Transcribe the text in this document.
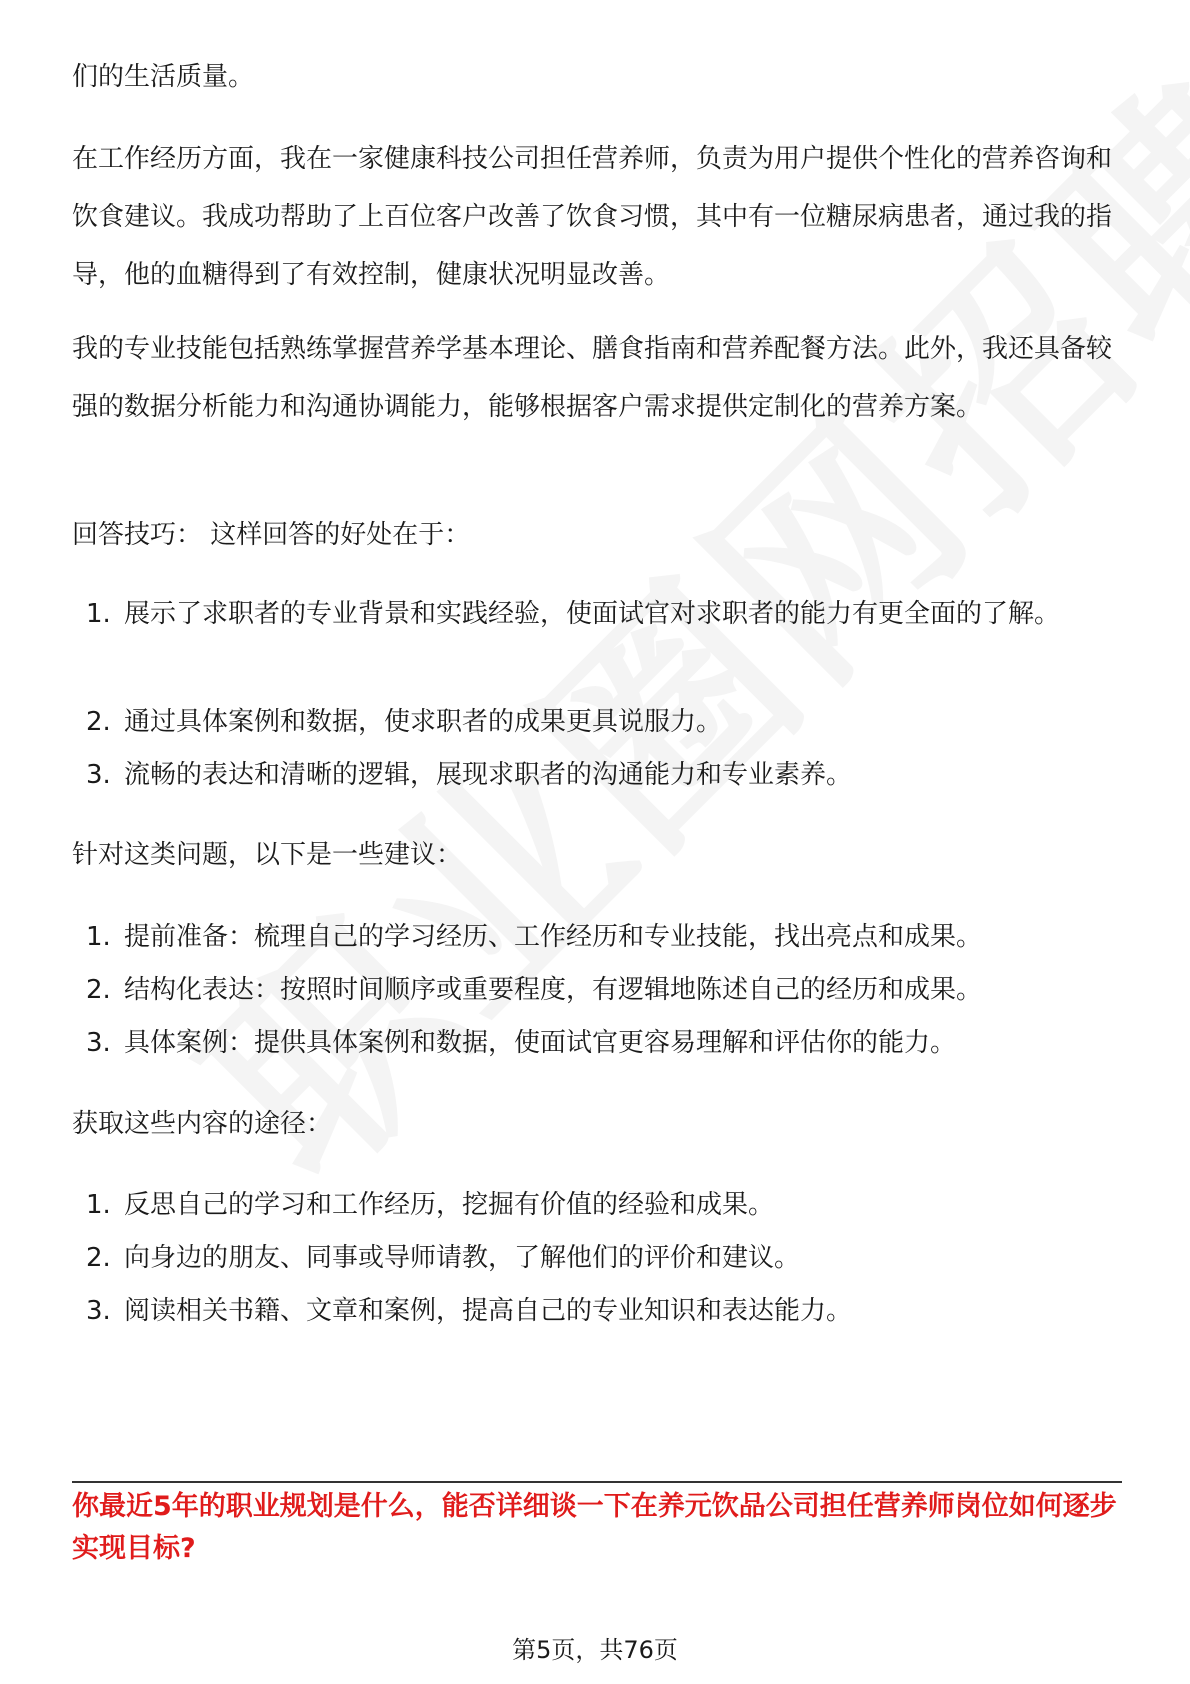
们的生活质量。

在工作经历方面，我在一家健康科技公司担任营养师，负责为用户提供个性化的营养咨询和饮食建议。我成功帮助了上百位客户改善了饮食习惯，其中有一位糖尿病患者，通过我的指导，他的血糖得到了有效控制，健康状况明显改善。

我的专业技能包括熟练掌握营养学基本理论、膳食指南和营养配餐方法。此外，我还具备较强的数据分析能力和沟通协调能力，能够根据客户需求提供定制化的营养方案。

回答技巧： 这样回答的好处在于：

1. 展示了求职者的专业背景和实践经验，使面试官对求职者的能力有更全面的了解。
2. 通过具体案例和数据，使求职者的成果更具说服力。
3. 流畅的表达和清晰的逻辑，展现求职者的沟通能力和专业素养。

针对这类问题，以下是一些建议：

1. 提前准备：梳理自己的学习经历、工作经历和专业技能，找出亮点和成果。
2. 结构化表达：按照时间顺序或重要程度，有逻辑地陈述自己的经历和成果。
3. 具体案例：提供具体案例和数据，使面试官更容易理解和评估你的能力。

获取这些内容的途径：

1. 反思自己的学习和工作经历，挖掘有价值的经验和成果。
2. 向身边的朋友、同事或导师请教，了解他们的评价和建议。
3. 阅读相关书籍、文章和案例，提高自己的专业知识和表达能力。

你最近5年的职业规划是什么，能否详细谈一下在养元饮品公司担任营养师岗位如何逐步实现目标?

第5页，共76页
